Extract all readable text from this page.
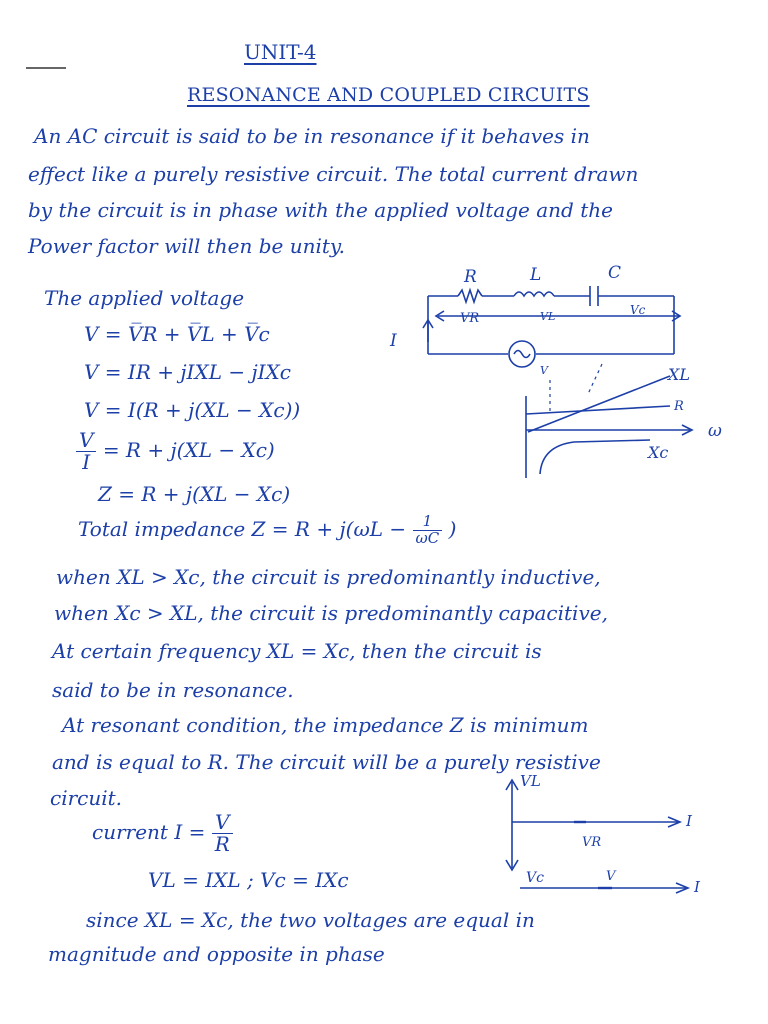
UNIT-4
RESONANCE AND COUPLED CIRCUITS
An AC circuit is said to be in resonance if it behaves in
effect like a purely resistive circuit. The total current drawn
by the circuit is in phase with the applied voltage and the
Power factor will then be unity.
The applied voltage
V = V̅R + V̅L + V̅c
V = IR + jIXL − jIXc
V = I(R + j(XL − Xc))
$\frac{V}{I} = R + j(XL - Xc)$
Z = R + j(XL − Xc)
Total impedance $Z = R + j(\omega L - \frac{1}{\omega C}$ )
R	L	C
I
VR	VL	Vc
XL
R
ω
Xc
V
when XL > Xc, the circuit is predominantly inductive,
when Xc > XL, the circuit is predominantly capacitive,
At certain frequency XL = Xc, then the circuit is
said to be in resonance.
At resonant condition, the impedance Z is minimum
and is equal to R. The circuit will be a purely resistive
circuit.
current $I = \frac{V}{R}$
VL = IXL ; Vc = IXc
VL
I
VR
Vc	V
I
since XL = Xc, the two voltages are equal in
magnitude and opposite in phase
